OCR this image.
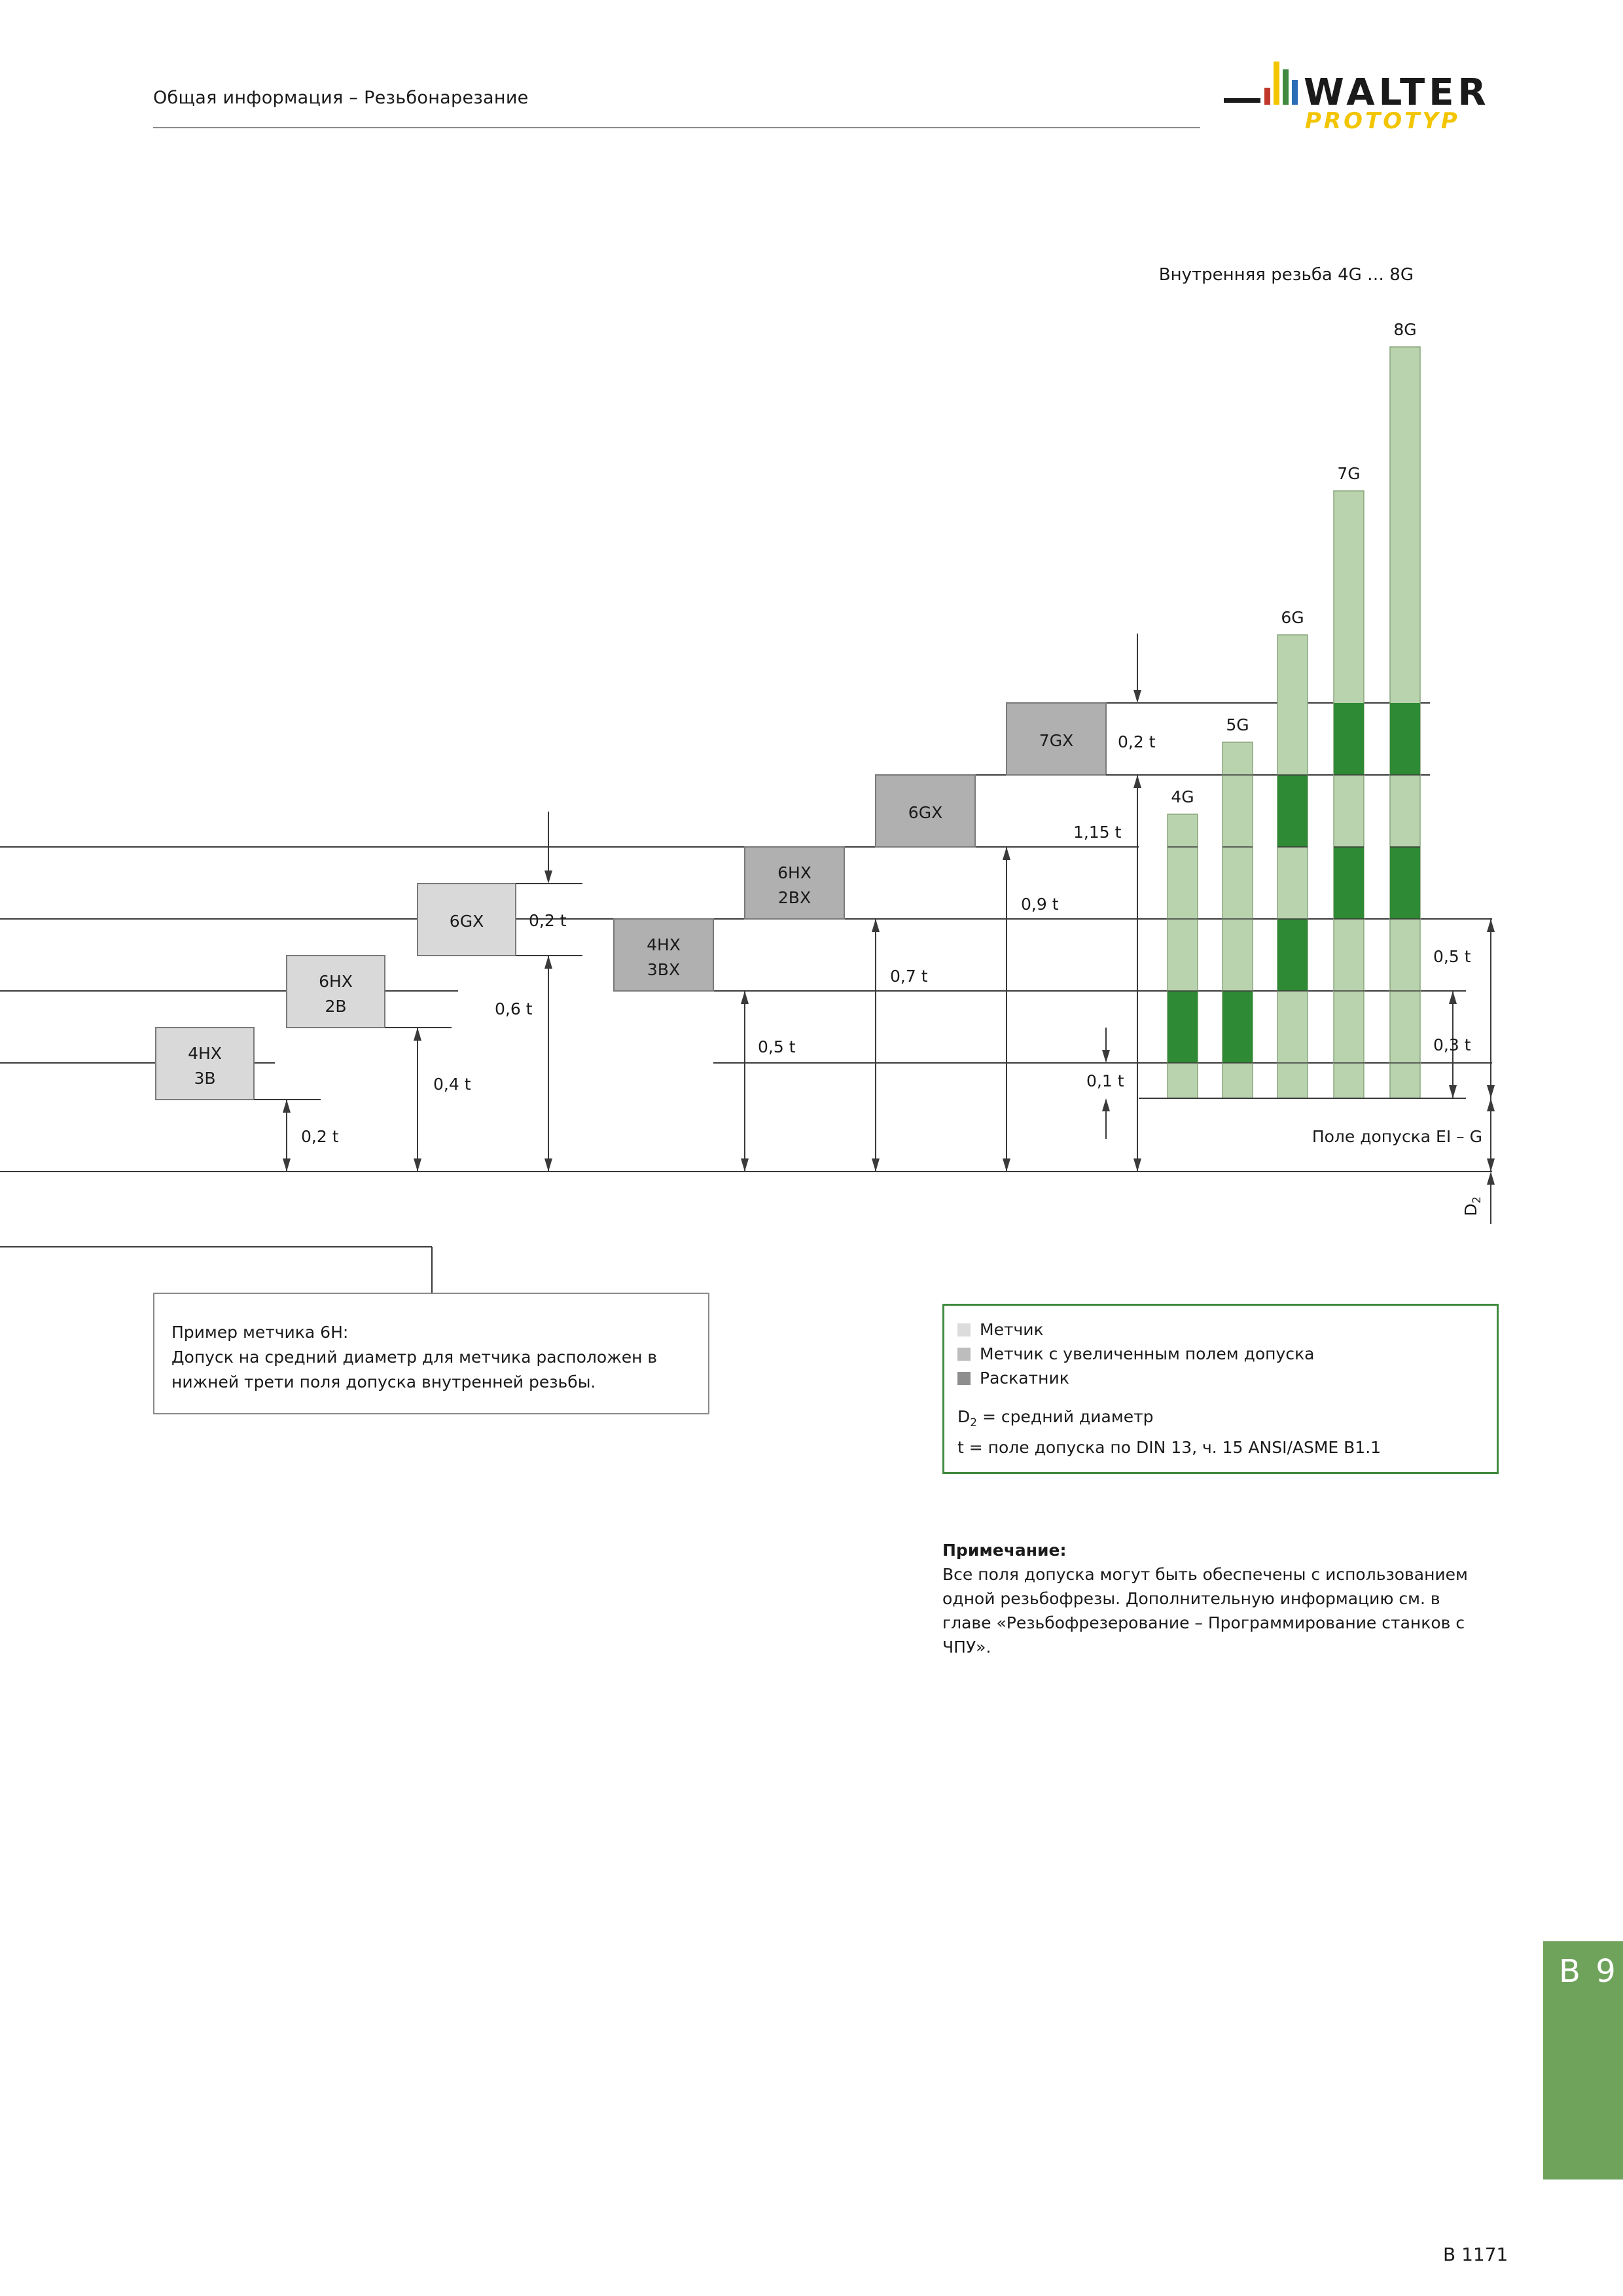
Общая информация – Резьбонарезание	WALTER
PROTOTYP
Внутренняя резьба 4G … 8G
4HX
3B
6HX
2B
6GX
4HX
3BX
6HX
2BX
6GX
7GX
0,2 t
0,4 t
0,6 t
0,2 t
0,5 t
0,7 t
0,9 t
1,15 t
0,2 t
0,1 t
4G
5G
6G
7G
8G
0,5 t
0,3 t
Поле допуска EI – G
$D_2$
Пример метчика 6H:
Допуск на средний диаметр для метчика расположен в нижней трети поля допуска внутренней резьбы.
Метчик
Метчик с увеличенным полем допуска
Раскатник
$D_2$ = средний диаметр
t = поле допуска по DIN 13, ч. 15 ANSI/ASME B1.1
Примечание:
Все поля допуска могут быть обеспечены с использованием одной резьбофрезы. Дополнительную информацию см. в главе «Резьбофрезерование – Программирование станков с ЧПУ».
B 9
B 1171
